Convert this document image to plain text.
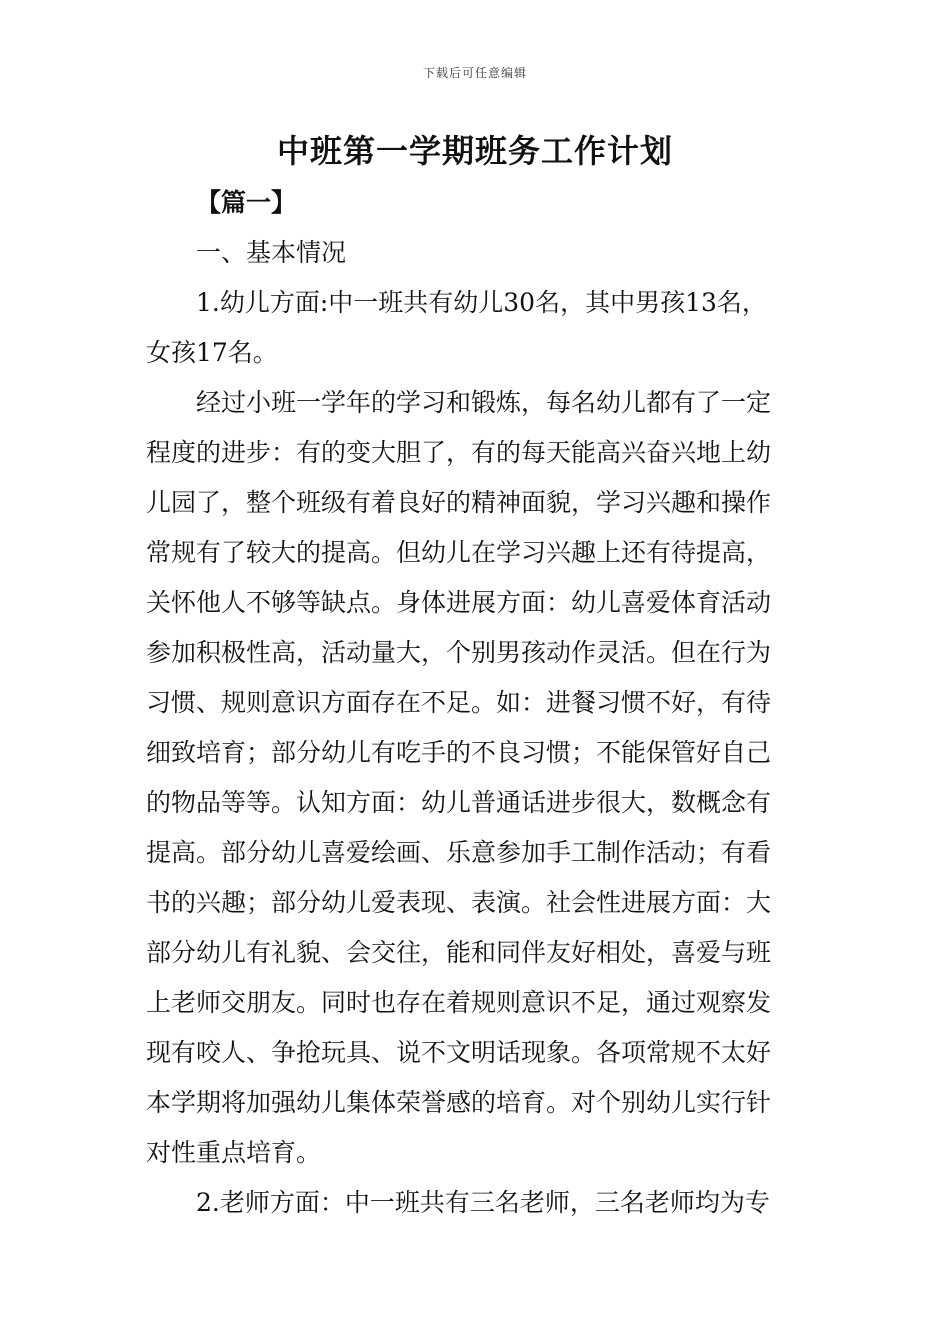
下载后可任意编辑
中班第一学期班务工作计划
【篇一】
一、基本情况
1.幼儿方面:中一班共有幼儿30名，其中男孩13名，
女孩17名。
经过小班一学年的学习和锻炼，每名幼儿都有了一定
程度的进步：有的变大胆了，有的每天能高兴奋兴地上幼
儿园了，整个班级有着良好的精神面貌，学习兴趣和操作
常规有了较大的提高。但幼儿在学习兴趣上还有待提高，
关怀他人不够等缺点。身体进展方面：幼儿喜爱体育活动
参加积极性高，活动量大，个别男孩动作灵活。但在行为
习惯、规则意识方面存在不足。如：进餐习惯不好，有待
细致培育；部分幼儿有吃手的不良习惯；不能保管好自己
的物品等等。认知方面：幼儿普通话进步很大，数概念有
提高。部分幼儿喜爱绘画、乐意参加手工制作活动；有看
书的兴趣；部分幼儿爱表现、表演。社会性进展方面：大
部分幼儿有礼貌、会交往，能和同伴友好相处，喜爱与班
上老师交朋友。同时也存在着规则意识不足，通过观察发
现有咬人、争抢玩具、说不文明话现象。各项常规不太好
本学期将加强幼儿集体荣誉感的培育。对个别幼儿实行针
对性重点培育。
2.老师方面：中一班共有三名老师，三名老师均为专
